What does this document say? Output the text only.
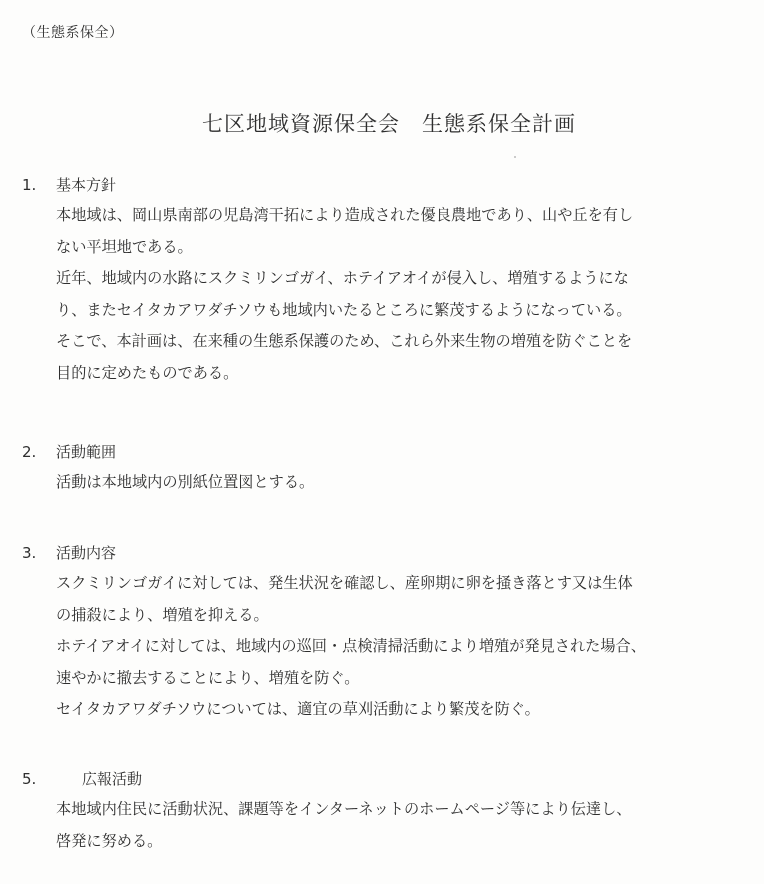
（生態系保全）
七区地域資源保全会　生態系保全計画
1.	基本方針

本地域は、岡山県南部の児島湾干拓により造成された優良農地であり、山や丘を有し

ない平坦地である。

近年、地域内の水路にスクミリンゴガイ、ホテイアオイが侵入し、増殖するようにな

り、またセイタカアワダチソウも地域内いたるところに繁茂するようになっている。

そこで、本計画は、在来種の生態系保護のため、これら外来生物の増殖を防ぐことを

目的に定めたものである。

2.	活動範囲

活動は本地域内の別紙位置図とする。

3.	活動内容

スクミリンゴガイに対しては、発生状況を確認し、産卵期に卵を掻き落とす又は生体

の捕殺により、増殖を抑える。

ホテイアオイに対しては、地域内の巡回・点検清掃活動により増殖が発見された場合、

速やかに撤去することにより、増殖を防ぐ。

セイタカアワダチソウについては、適宜の草刈活動により繁茂を防ぐ。

5.	広報活動

本地域内住民に活動状況、課題等をインターネットのホームページ等により伝達し、

啓発に努める。
